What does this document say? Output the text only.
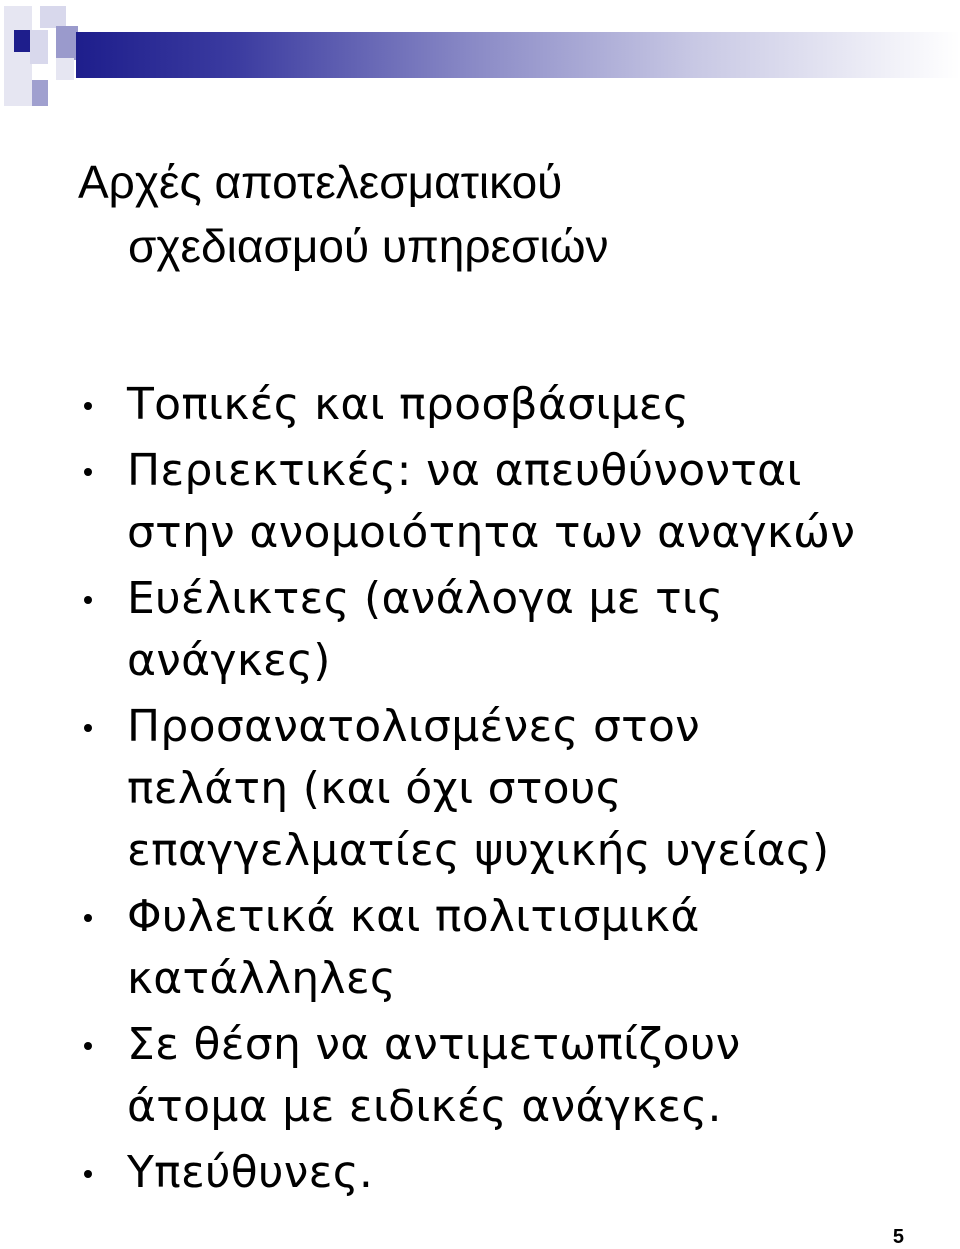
Αρχές αποτελεσματικού
σχεδιασμού υπηρεσιών
Τοπικές και προσβάσιμες
Περιεκτικές: να απευθύνονται
στην ανομοιότητα των αναγκών
Ευέλικτες (ανάλογα με τις
ανάγκες)
Προσανατολισμένες στον
πελάτη (και όχι στους
επαγγελματίες ψυχικής υγείας)
Φυλετικά και πολιτισμικά
κατάλληλες
Σε θέση να αντιμετωπίζουν
άτομα με ειδικές ανάγκες.
Υπεύθυνες.
5
